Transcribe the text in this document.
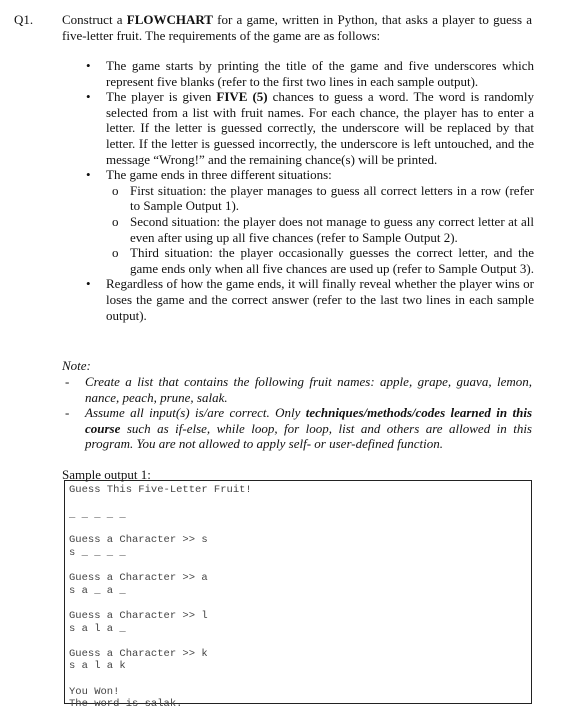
Q1. Construct a FLOWCHART for a game, written in Python, that asks a player to guess a five-letter fruit. The requirements of the game are as follows:
• The game starts by printing the title of the game and five underscores which represent five blanks (refer to the first two lines in each sample output).
• The player is given FIVE (5) chances to guess a word. The word is randomly selected from a list with fruit names. For each chance, the player has to enter a letter. If the letter is guessed correctly, the underscore will be replaced by that letter. If the letter is guessed incorrectly, the underscore is left untouched, and the message “Wrong!” and the remaining chance(s) will be printed.
• The game ends in three different situations:
o First situation: the player manages to guess all correct letters in a row (refer to Sample Output 1).
o Second situation: the player does not manage to guess any correct letter at all even after using up all five chances (refer to Sample Output 2).
o Third situation: the player occasionally guesses the correct letter, and the game ends only when all five chances are used up (refer to Sample Output 3).
• Regardless of how the game ends, it will finally reveal whether the player wins or loses the game and the correct answer (refer to the last two lines in each sample output).
Note:
- Create a list that contains the following fruit names: apple, grape, guava, lemon, nance, peach, prune, salak.
- Assume all input(s) is/are correct. Only techniques/methods/codes learned in this course such as if-else, while loop, for loop, list and others are allowed in this program. You are not allowed to apply self- or user-defined function.
Sample output 1:
Guess This Five-Letter Fruit!
_ _ _ _ _
Guess a Character >> s
s _ _ _ _
Guess a Character >> a
s a _ a _
Guess a Character >> l
s a l a _
Guess a Character >> k
s a l a k
You Won!
The word is salak.
